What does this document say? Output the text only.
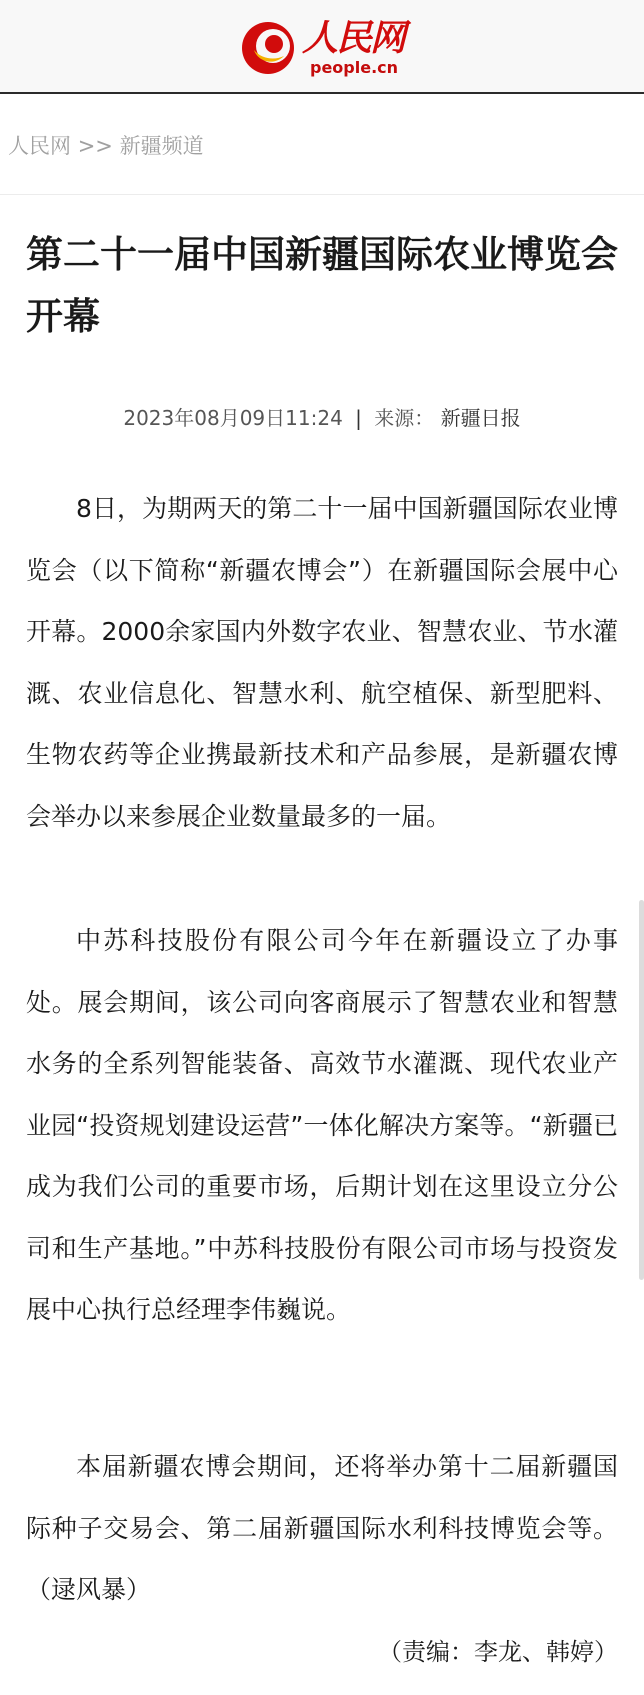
人民网
people.cn
人民网 >> 新疆频道
第二十一届中国新疆国际农业博览会开幕
2023年08月09日11:24 | 来源： 新疆日报

8日，为期两天的第二十一届中国新疆国际农业博览会（以下简称“新疆农博会”）在新疆国际会展中心开幕。2000余家国内外数字农业、智慧农业、节水灌溉、农业信息化、智慧水利、航空植保、新型肥料、生物农药等企业携最新技术和产品参展，是新疆农博会举办以来参展企业数量最多的一届。

中苏科技股份有限公司今年在新疆设立了办事处。展会期间，该公司向客商展示了智慧农业和智慧水务的全系列智能装备、高效节水灌溉、现代农业产业园“投资规划建设运营”一体化解决方案等。“新疆已成为我们公司的重要市场，后期计划在这里设立分公司和生产基地。”中苏科技股份有限公司市场与投资发展中心执行总经理李伟巍说。

本届新疆农博会期间，还将举办第十二届新疆国际种子交易会、第二届新疆国际水利科技博览会等。（逯风暴）

（责编：李龙、韩婷）
